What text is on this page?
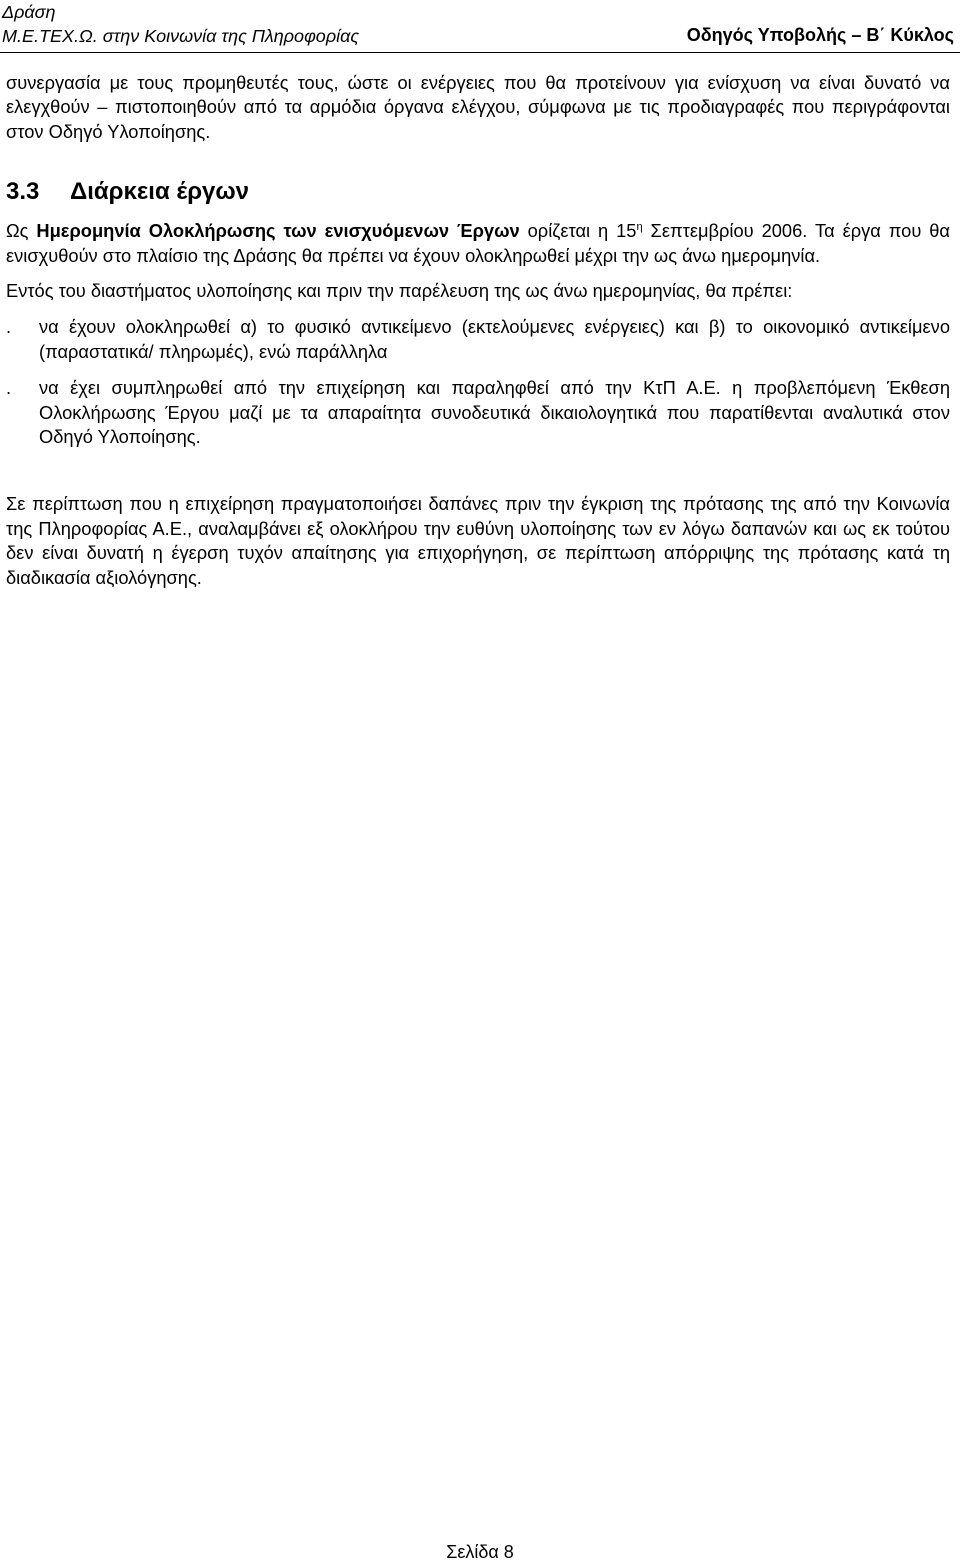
Δράση
Μ.Ε.ΤΕΧ.Ω. στην Κοινωνία της Πληροφορίας	Οδηγός Υποβολής – Β΄ Κύκλος

συνεργασία με τους προμηθευτές τους, ώστε οι ενέργειες που θα προτείνουν για ενίσχυση να είναι δυνατό να ελεγχθούν – πιστοποιηθούν από τα αρμόδια όργανα ελέγχου, σύμφωνα με τις προδιαγραφές που περιγράφονται στον Οδηγό Υλοποίησης.

3.3 Διάρκεια έργων

Ως Ημερομηνία Ολοκλήρωσης των ενισχυόμενων Έργων ορίζεται η $15^\eta$ Σεπτεμβρίου 2006. Τα έργα που θα ενισχυθούν στο πλαίσιο της Δράσης θα πρέπει να έχουν ολοκληρωθεί μέχρι την ως άνω ημερομηνία.

Εντός του διαστήματος υλοποίησης και πριν την παρέλευση της ως άνω ημερομηνίας, θα πρέπει:

. να έχουν ολοκληρωθεί α) το φυσικό αντικείμενο (εκτελούμενες ενέργειες) και β) το οικονομικό αντικείμενο (παραστατικά/ πληρωμές), ενώ παράλληλα
. να έχει συμπληρωθεί από την επιχείρηση και παραληφθεί από την ΚτΠ Α.Ε. η προβλεπόμενη Έκθεση Ολοκλήρωσης Έργου μαζί με τα απαραίτητα συνοδευτικά δικαιολογητικά που παρατίθενται αναλυτικά στον Οδηγό Υλοποίησης.

Σε περίπτωση που η επιχείρηση πραγματοποιήσει δαπάνες πριν την έγκριση της πρότασης της από την Κοινωνία της Πληροφορίας Α.Ε., αναλαμβάνει εξ ολοκλήρου την ευθύνη υλοποίησης των εν λόγω δαπανών και ως εκ τούτου δεν είναι δυνατή η έγερση τυχόν απαίτησης για επιχορήγηση, σε περίπτωση απόρριψης της πρότασης κατά τη διαδικασία αξιολόγησης.

Σελίδα 8
